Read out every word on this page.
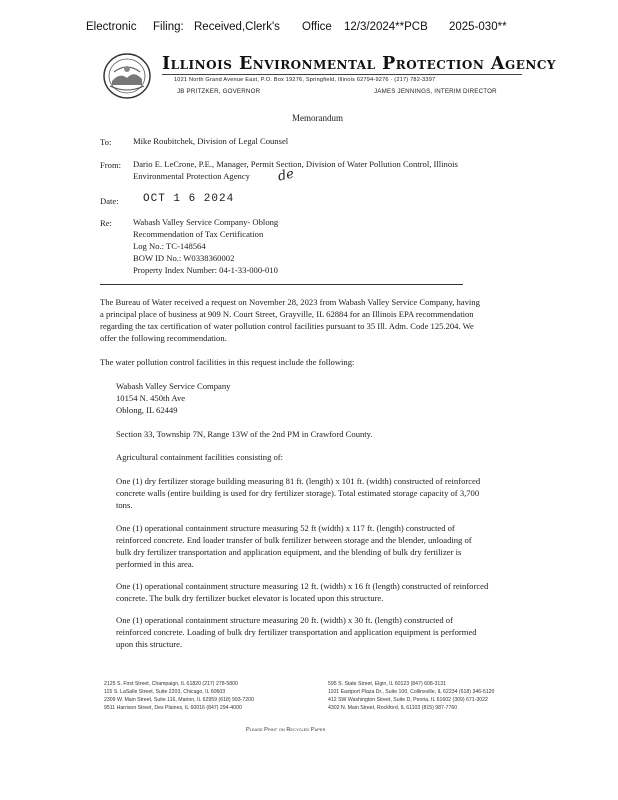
Electronic Filing: Received,Clerk's Office 12/3/2024**PCB 2025-030**
Illinois Environmental Protection Agency
1021 North Grand Avenue East, P.O. Box 19276, Springfield, Illinois 62794-9276 · (217) 782-3397
JB PRITZKER, GOVERNOR	JAMES JENNINGS, INTERIM DIRECTOR
Memorandum
To:	Mike Roubitchek, Division of Legal Counsel
From: Dario E. LeCrone, P.E., Manager, Permit Section, Division of Water Pollution Control, Illinois
Environmental Protection Agency de
Date: OCT 1 6 2024
Re: Wabash Valley Service Company- Oblong
Recommendation of Tax Certification
Log No.: TC-148564
BOW ID No.: W0338360002
Property Index Number: 04-1-33-000-010
The Bureau of Water received a request on November 28, 2023 from Wabash Valley Service Company, having
a principal place of business at 909 N. Court Street, Grayville, IL 62884 for an Illinois EPA recommendation
regarding the tax certification of water pollution control facilities pursuant to 35 Ill. Adm. Code 125.204. We
offer the following recommendation.
The water pollution control facilities in this request include the following:
Wabash Valley Service Company
10154 N. 450th Ave
Oblong, IL 62449
Section 33, Township 7N, Range 13W of the 2nd PM in Crawford County.
Agricultural containment facilities consisting of:
One (1) dry fertilizer storage building measuring 81 ft. (length) x 101 ft. (width) constructed of reinforced
concrete walls (entire building is used for dry fertilizer storage). Total estimated storage capacity of 3,700
tons.
One (1) operational containment structure measuring 52 ft (width) x 117 ft. (length) constructed of
reinforced concrete. End loader transfer of bulk fertilizer between storage and the blender, unloading of
bulk dry fertilizer transportation and application equipment, and the blending of bulk dry fertilizer is
performed in this area.
One (1) operational containment structure measuring 12 ft. (width) x 16 ft (length) constructed of reinforced
concrete. The bulk dry fertilizer bucket elevator is located upon this structure.
One (1) operational containment structure measuring 20 ft. (width) x 30 ft. (length) constructed of
reinforced concrete. Loading of bulk dry fertilizer transportation and application equipment is performed
upon this structure.
2125 S. First Street, Champaign, IL 61820 (217) 278-5800
115 S. LaSalle Street, Suite 2203, Chicago, IL 60603
2309 W. Main Street, Suite 116, Marion, IL 62959 (618) 993-7200
9511 Harrison Street, Des Plaines, IL 60016 (847) 294-4000
595 S. State Street, Elgin, IL 60123 (847) 608-3131
1101 Eastport Plaza Dr., Suite 100, Collinsville, IL 62234 (618) 346-5120
412 SW Washington Street, Suite D, Peoria, IL 61602 (309) 671-3022
4302 N. Main Street, Rockford, IL 61103 (815) 987-7760
Please Print on Recycled Paper
